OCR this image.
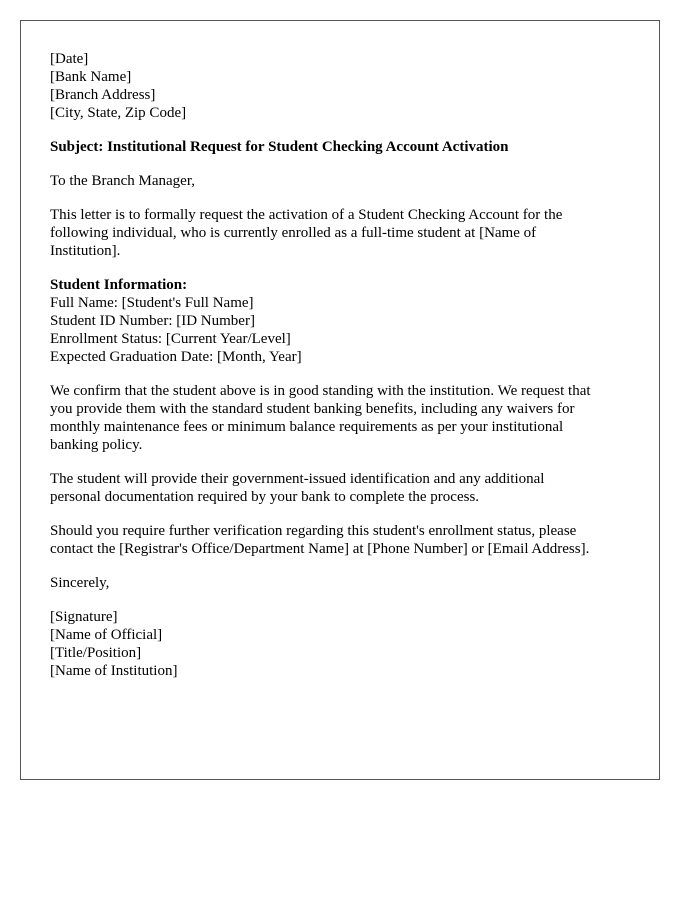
[Date]
[Bank Name]
[Branch Address]
[City, State, Zip Code]
Subject: Institutional Request for Student Checking Account Activation
To the Branch Manager,
This letter is to formally request the activation of a Student Checking Account for the
following individual, who is currently enrolled as a full-time student at [Name of
Institution].
Student Information:
Full Name: [Student's Full Name]
Student ID Number: [ID Number]
Enrollment Status: [Current Year/Level]
Expected Graduation Date: [Month, Year]
We confirm that the student above is in good standing with the institution. We request that
you provide them with the standard student banking benefits, including any waivers for
monthly maintenance fees or minimum balance requirements as per your institutional
banking policy.
The student will provide their government-issued identification and any additional
personal documentation required by your bank to complete the process.
Should you require further verification regarding this student's enrollment status, please
contact the [Registrar's Office/Department Name] at [Phone Number] or [Email Address].
Sincerely,
[Signature]
[Name of Official]
[Title/Position]
[Name of Institution]
